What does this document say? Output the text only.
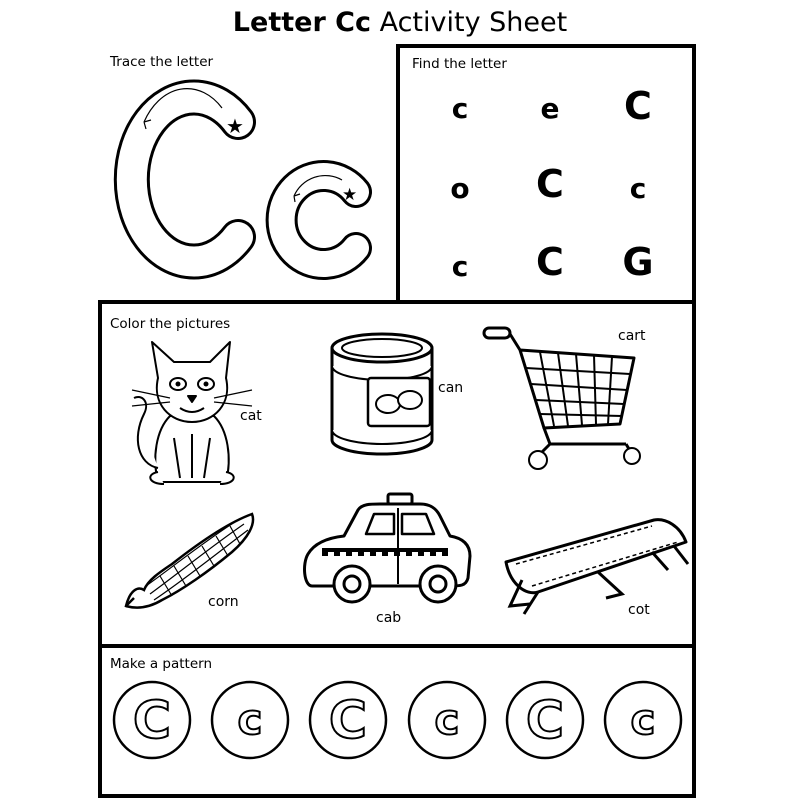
Letter Cc Activity Sheet
Trace the letter
★
★
Find the letter
c	e	C
o	C	c
c	C	G
Color the pictures
cat
can
cart
corn
cab	cot
Make a pattern
C c C c C c
